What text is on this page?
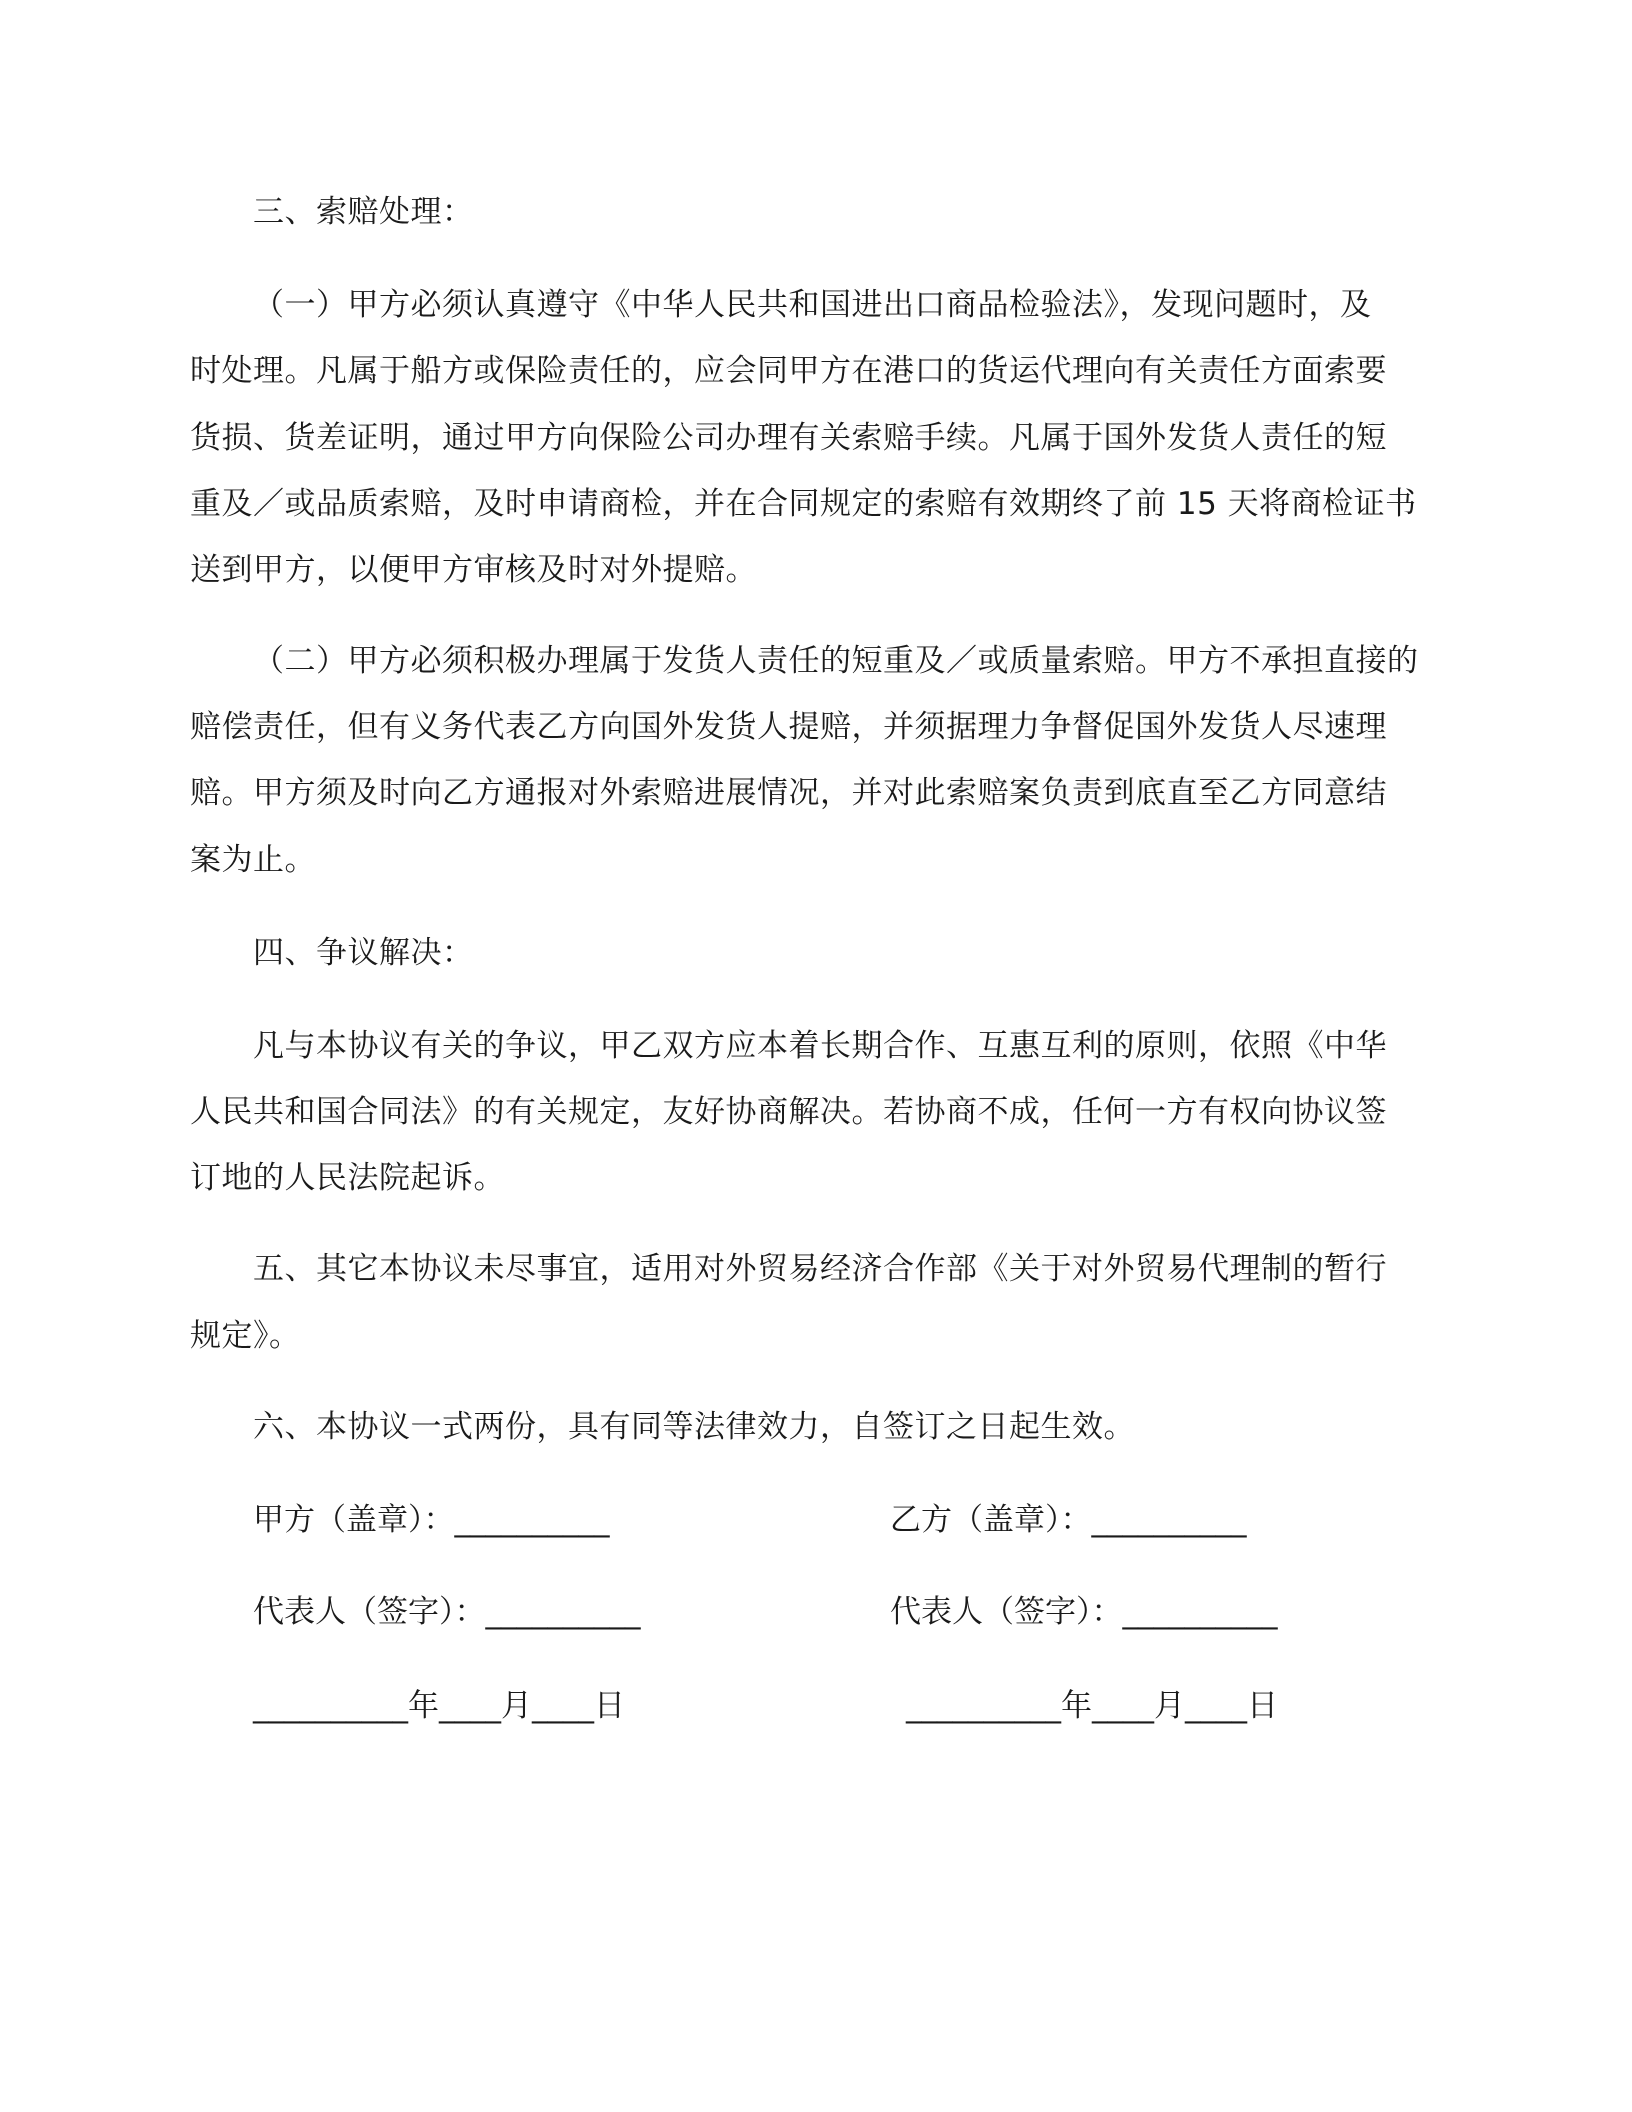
三、索赔处理：
（一）甲方必须认真遵守《中华人民共和国进出口商品检验法》，发现问题时，及
时处理。凡属于船方或保险责任的，应会同甲方在港口的货运代理向有关责任方面索要
货损、货差证明，通过甲方向保险公司办理有关索赔手续。凡属于国外发货人责任的短
重及／或品质索赔，及时申请商检，并在合同规定的索赔有效期终了前 15 天将商检证书
送到甲方，以便甲方审核及时对外提赔。
（二）甲方必须积极办理属于发货人责任的短重及／或质量索赔。甲方不承担直接的
赔偿责任，但有义务代表乙方向国外发货人提赔，并须据理力争督促国外发货人尽速理
赔。甲方须及时向乙方通报对外索赔进展情况，并对此索赔案负责到底直至乙方同意结
案为止。
四、争议解决：
凡与本协议有关的争议，甲乙双方应本着长期合作、互惠互利的原则，依照《中华
人民共和国合同法》的有关规定，友好协商解决。若协商不成，任何一方有权向协议签
订地的人民法院起诉。
五、其它本协议未尽事宜，适用对外贸易经济合作部《关于对外贸易代理制的暂行
规定》。
六、本协议一式两份，具有同等法律效力，自签订之日起生效。
甲方（盖章）：__________	乙方（盖章）：__________
代表人（签字）：__________	代表人（签字）：__________
__________年____月____日	__________年____月____日
